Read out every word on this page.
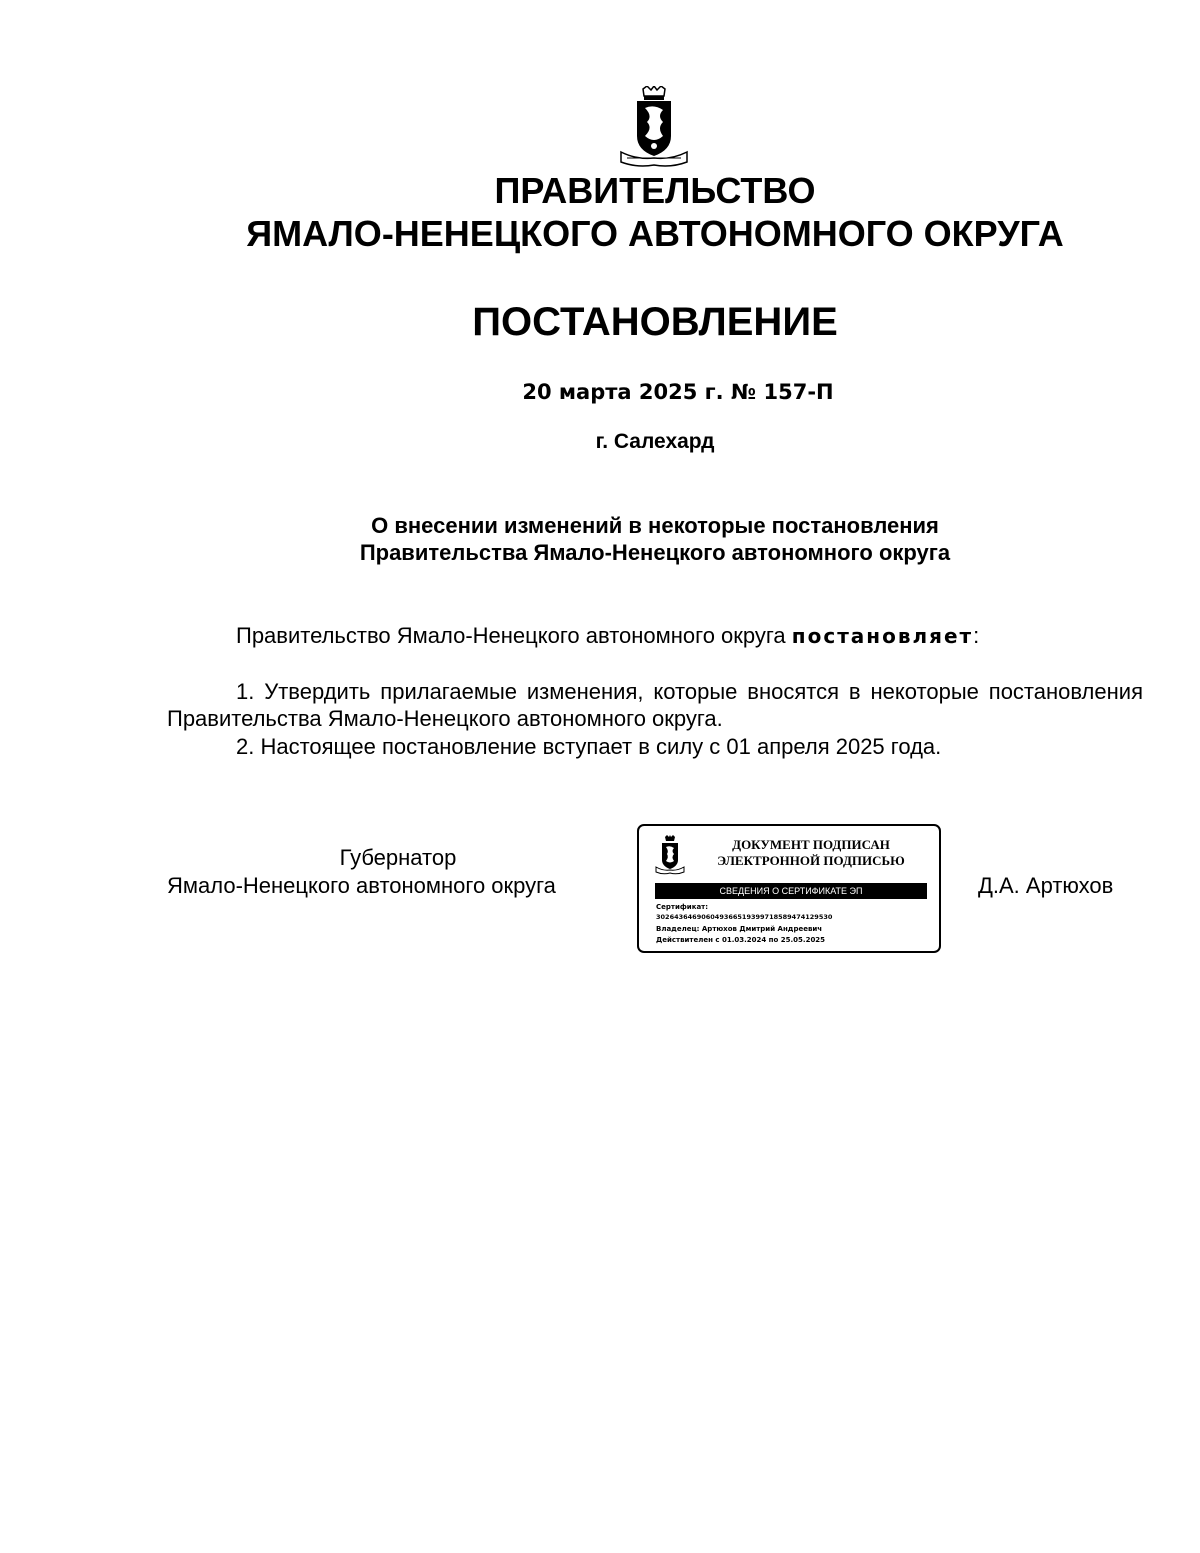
ПРАВИТЕЛЬСТВО
ЯМАЛО-НЕНЕЦКОГО АВТОНОМНОГО ОКРУГА
ПОСТАНОВЛЕНИЕ
20 марта 2025 г. № 157-П
г. Салехард
О внесении изменений в некоторые постановления
Правительства Ямало-Ненецкого автономного округа
Правительство Ямало-Ненецкого автономного округа постановляет:
1. Утвердить прилагаемые изменения, которые вносятся в некоторые постановления Правительства Ямало-Ненецкого автономного округа.
2. Настоящее постановление вступает в силу с 01 апреля 2025 года.
Губернатор
Ямало-Ненецкого автономного округа	Д.А. Артюхов
ДОКУМЕНТ ПОДПИСАН
ЭЛЕКТРОННОЙ ПОДПИСЬЮ
СВЕДЕНИЯ О СЕРТИФИКАТЕ ЭП
Сертификат:
30264364690604936651939971858947412953​0
Владелец: Артюхов Дмитрий Андреевич
Действителен с 01.03.2024 по 25.05.2025
